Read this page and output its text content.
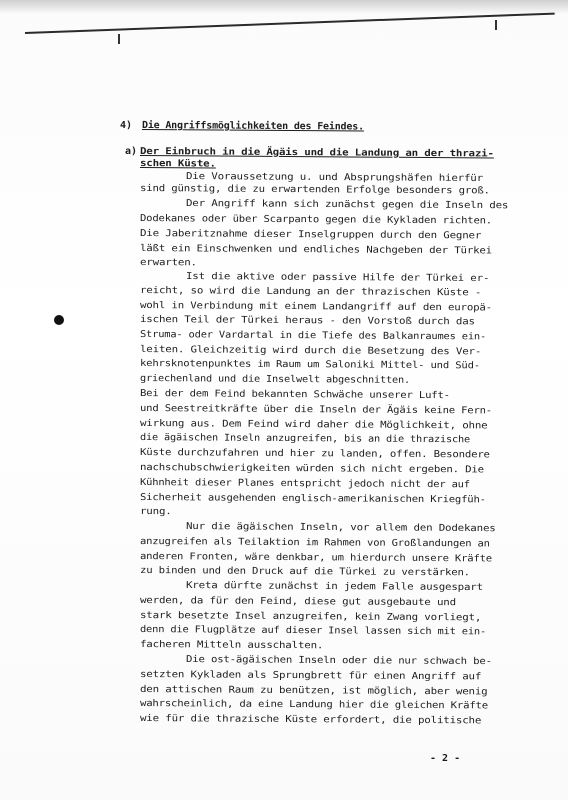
4) Die Angriffsmöglichkeiten des Feindes.
a) Der Einbruch in die Ägäis und die Landung an der thrazi-
schen Küste.
Die Voraussetzung u. und Absprungshäfen hierfür
sind günstig, die zu erwartenden Erfolge besonders groß.
Der Angriff kann sich zunächst gegen die Inseln des
Dodekanes oder über Scarpanto gegen die Kykladen richten.
Die Jaberitznahme dieser Inselgruppen durch den Gegner
läßt ein Einschwenken und endliches Nachgeben der Türkei
erwarten.
Ist die aktive oder passive Hilfe der Türkei er-
reicht, so wird die Landung an der thrazischen Küste -
wohl in Verbindung mit einem Landangriff auf den europä-
ischen Teil der Türkei heraus - den Vorstoß durch das
Struma- oder Vardartal in die Tiefe des Balkanraumes ein-
leiten. Gleichzeitig wird durch die Besetzung des Ver-
kehrsknotenpunktes im Raum um Saloniki Mittel- und Süd-
griechenland und die Inselwelt abgeschnitten.
Bei der dem Feind bekannten Schwäche unserer Luft-
und Seestreitkräfte über die Inseln der Ägäis keine Fern-
wirkung aus. Dem Feind wird daher die Möglichkeit, ohne
die ägäischen Inseln anzugreifen, bis an die thrazische
Küste durchzufahren und hier zu landen, offen. Besondere
nachschubschwierigkeiten würden sich nicht ergeben. Die
Kühnheit dieser Planes entspricht jedoch nicht der auf
Sicherheit ausgehenden englisch-amerikanischen Kriegfüh-
rung.
Nur die ägäischen Inseln, vor allem den Dodekanes
anzugreifen als Teilaktion im Rahmen von Großlandungen an
anderen Fronten, wäre denkbar, um hierdurch unsere Kräfte
zu binden und den Druck auf die Türkei zu verstärken.
Kreta dürfte zunächst in jedem Falle ausgespart
werden, da für den Feind, diese gut ausgebaute und
stark besetzte Insel anzugreifen, kein Zwang vorliegt,
denn die Flugplätze auf dieser Insel lassen sich mit ein-
facheren Mitteln ausschalten.
Die ost-ägäischen Inseln oder die nur schwach be-
setzten Kykladen als Sprungbrett für einen Angriff auf
den attischen Raum zu benützen, ist möglich, aber wenig
wahrscheinlich, da eine Landung hier die gleichen Kräfte
wie für die thrazische Küste erfordert, die politische
- 2 -
